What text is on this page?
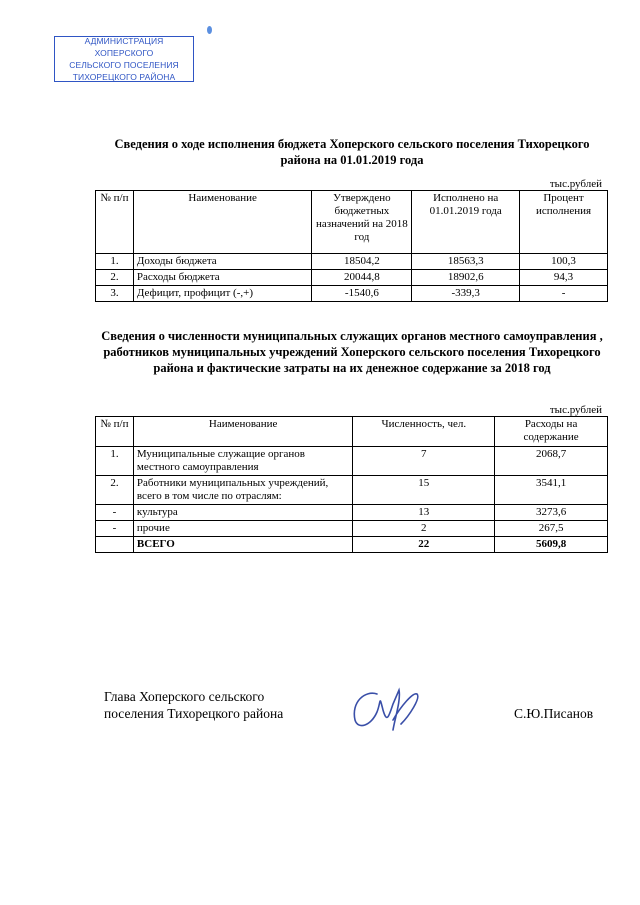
АДМИНИСТРАЦИЯ ХОПЕРСКОГО
СЕЛЬСКОГО ПОСЕЛЕНИЯ
ТИХОРЕЦКОГО РАЙОНА
Сведения о ходе исполнения бюджета Хоперского сельского поселения Тихорецкого района на 01.01.2019 года
тыс.рублей
№ п/п	Наименование	Утверждено бюджетных назначений на 2018 год	Исполнено на 01.01.2019 года	Процент исполнения
1.	Доходы бюджета	18504,2	18563,3	100,3
2.	Расходы бюджета	20044,8	18902,6	94,3
3.	Дефицит, профицит (-,+)	-1540,6	-339,3	-
Сведения о численности муниципальных служащих органов местного самоуправления , работников муниципальных учреждений Хоперского сельского поселения Тихорецкого района и фактические затраты на их денежное содержание за 2018 год
тыс.рублей
№ п/п	Наименование	Численность, чел.	Расходы на содержание
1.	Муниципальные служащие органов местного самоуправления	7	2068,7
2.	Работники муниципальных учреждений, всего в том числе по отраслям:	15	3541,1
-	культура	13	3273,6
-	прочие	2	267,5
	ВСЕГО	22	5609,8
Глава Хоперского сельского
поселения Тихорецкого района	С.Ю.Писанов
